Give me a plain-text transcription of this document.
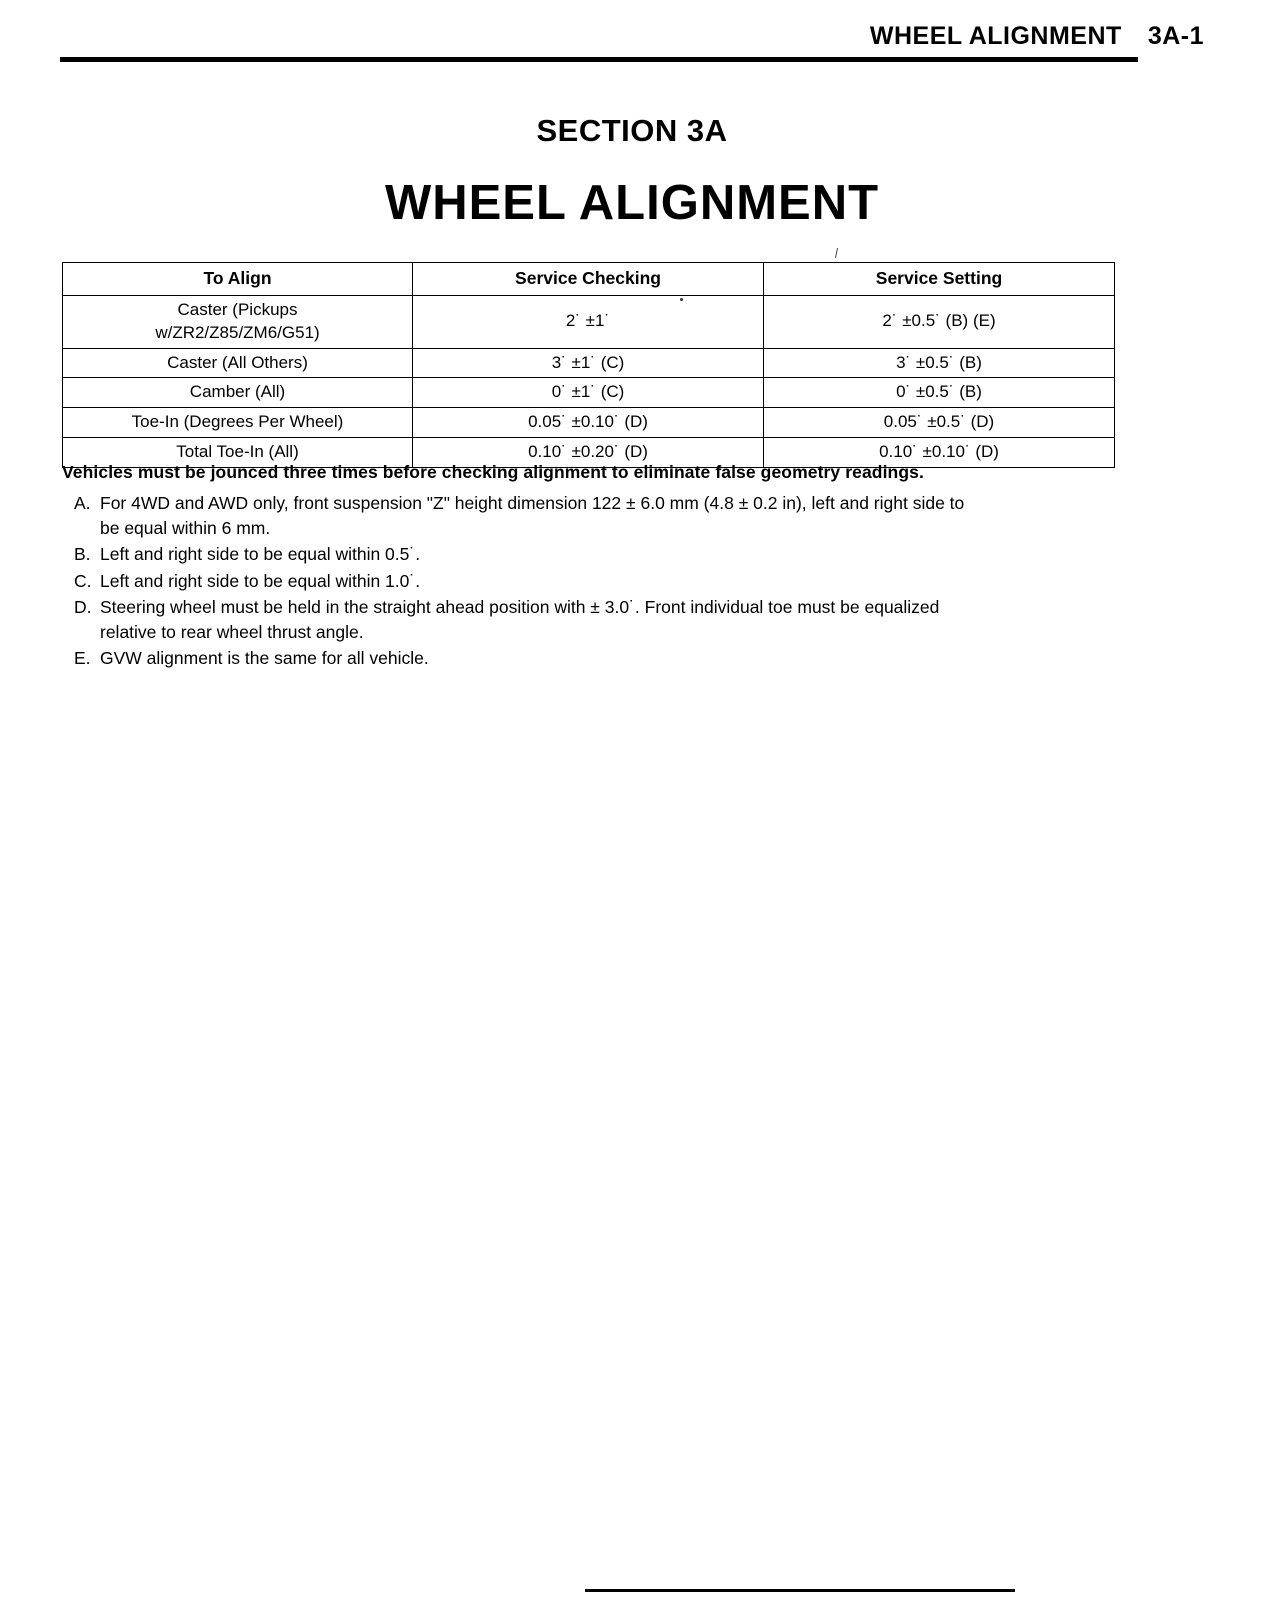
WHEEL ALIGNMENT 3A-1
SECTION 3A
WHEEL ALIGNMENT
To Align	Service Checking	Service Setting
Caster (Pickups
w/ZR2/Z85/ZM6/G51)	2˙ ±1˙	2˙ ±0.5˙ (B) (E)
Caster (All Others)	3˙ ±1˙ (C)	3˙ ±0.5˙ (B)
Camber (All)	0˙ ±1˙ (C)	0˙ ±0.5˙ (B)
Toe-In (Degrees Per Wheel)	0.05˙ ±0.10˙ (D)	0.05˙ ±0.5˙ (D)
Total Toe-In (All)	0.10˙ ±0.20˙ (D)	0.10˙ ±0.10˙ (D)
Vehicles must be jounced three times before checking alignment to eliminate false geometry readings.
A. For 4WD and AWD only, front suspension "Z" height dimension 122 ± 6.0 mm (4.8 ± 0.2 in), left and right side to
be equal within 6 mm.
B. Left and right side to be equal within 0.5˙.
C. Left and right side to be equal within 1.0˙.
D. Steering wheel must be held in the straight ahead position with ± 3.0˙. Front individual toe must be equalized
relative to rear wheel thrust angle.
E. GVW alignment is the same for all vehicle.
